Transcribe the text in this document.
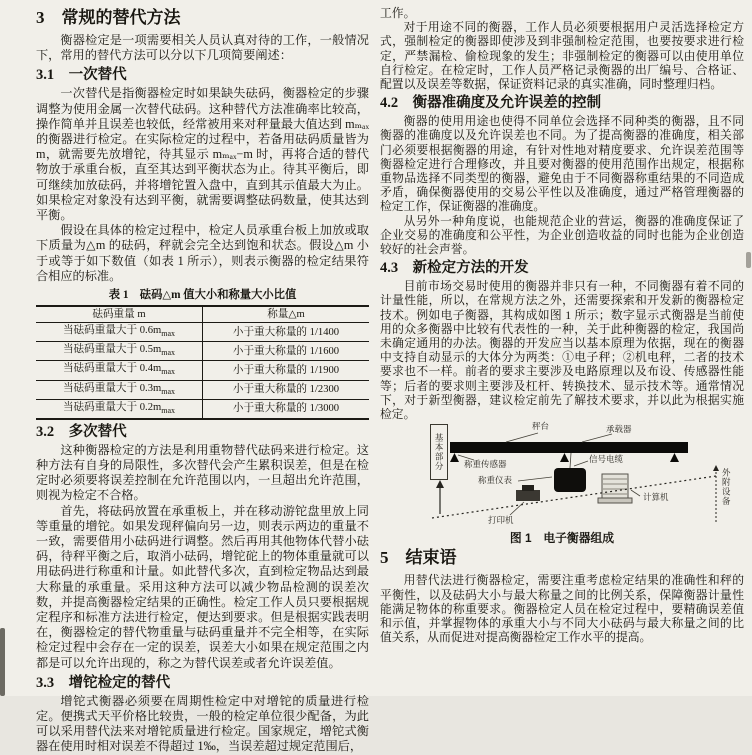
3　常规的替代方法

衡器检定是一项需要相关人员认真对待的工作，一般情况下，常用的替代方法可以分以下几项简要阐述：

3.1　一次替代

一次替代是指衡器检定时如果缺失砝码，衡器检定的步骤调整为使用金属一次替代砝码。这种替代方法准确率比较高，操作简单并且误差也较低，经常被用来对秤量最大值达到 mₘₐₓ 的衡器进行检定。在实际检定的过程中，若备用砝码质量皆为 m，就需要先放增铊，待其显示 mₘₐₓ−m 时，再将合适的替代物放于承重台板，直至其达到平衡状态为止。待其平衡后，即可继续加放砝码，并将增铊置入盘中，直到其示值最大为止。如果检定对象没有达到平衡，就需要调整砝码数量，使其达到平衡。

假设在具体的检定过程中，检定人员承重台板上加放或取下质量为△m 的砝码，秤就会完全达到饱和状态。假设△m 小于或等于如下数值（如表 1 所示），则表示衡器的检定结果符合相应的标准。

表 1　砝码△m 值大小和称量大小比值
砝码重量 m	称量△m
当砝码重量大于 $0.6m_{max}$	小于重大称量的 1/1400
当砝码重量大于 $0.5m_{max}$	小于重大称量的 1/1600
当砝码重量大于 $0.4m_{max}$	小于重大称量的 1/1900
当砝码重量大于 $0.3m_{max}$	小于重大称量的 1/2300
当砝码重量大于 $0.2m_{max}$	小于重大称量的 1/3000
3.2　多次替代

这种衡器检定的方法是利用重物替代砝码来进行检定。这种方法有自身的局限性，多次替代会产生累积误差，但是在检定时必须要将误差控制在允许范围以内，一旦超出允许范围，则视为检定不合格。

首先，将砝码放置在承重板上，并在移动游铊盘里放上同等重量的增铊。如果发现秤偏向另一边，则表示两边的重量不一致，需要借用小砝码进行调整。然后再用其他物体代替小砝码，待秤平衡之后，取消小砝码，增铊砣上的物体重量就可以用砝码进行称重和计量。如此替代多次，直到检定物品达到最大称量的承重量。采用这种方法可以减少物品检测的误差次数，并提高衡器检定结果的正确性。检定工作人员只要根据规定程序和标准方法进行检定，便达到要求。但是根据实践表明在，衡器检定的替代物重量与砝码重量并不完全相等，在实际检定过程中会存在一定的误差，误差大小如果在规定范围之内都是可以允许出现的，称之为替代误差或者允许误差值。

3.3　增铊检定的替代

增铊式衡器必须要在周期性检定中对增铊的质量进行检定。便携式天平价格比较贵，一般的检定单位很少配备，为此可以采用替代法来对增铊质量进行检定。国家规定，增铊式衡器在使用时相对误差不得超过 1‰，当误差超过规定范围后，

工作。

对于用途不同的衡器，工作人员必须要根据用户灵活选择检定方式，强制检定的衡器即使涉及到非强制检定范围，也要按要求进行检定，严禁漏检、偷检现象的发生；非强制检定的衡器可以由使用单位自行检定。在检定时，工作人员严格记录衡器的出厂编号、合格证、配置以及误差等数据，保证资料记录的真实准确，同时整理归档。

4.2　衡器准确度及允许误差的控制

衡器的使用用途也使得不同单位会选择不同种类的衡器，且不同衡器的准确度以及允许误差也不同。为了提高衡器的准确度，相关部门必须要根据衡器的用途，有针对性地对精度要求、允许误差范围等衡器检定进行合理修改，并且要对衡器的使用范围作出规定，根据称重物品选择不同类型的衡器，避免由于不同衡器称重结果的不同造成矛盾，确保衡器使用的交易公平性以及准确度，通过严格管理衡器的检定工作，保证衡器的准确度。

从另外一种角度说，也能规范企业的营运，衡器的准确度保证了企业交易的准确度和公平性，为企业创造收益的同时也能为企业创造较好的社会声誉。

4.3　新检定方法的开发

目前市场交易时使用的衡器并非只有一种，不同衡器有着不同的计量性能，所以，在常规方法之外，还需要探索和开发新的衡器检定技术。例如电子衡器，其构成如图 1 所示；数字显示式衡器是当前使用的众多衡器中比较有代表性的一种，关于此种衡器的检定，我国尚未确定通用的办法。衡器的开发应当以基本原理为依据，现在的衡器中支持自动显示的大体分为两类：①电子秤；②机电秤，二者的技术要求也不一样。前者的要求主要涉及电路原理以及布设、传感器性能等；后者的要求则主要涉及杠杆、转换技术、显示技术等。通常情况下，对于新型衡器，建议检定前先了解技术要求，并以此为根据实施检定。

基本部分
秤台	承载器
称重传感器	信号电缆
称重仪表
打印机
计算机	外附设备
图 1　电子衡器组成
5　结束语

用替代法进行衡器检定，需要注重考虑检定结果的准确性和秤的平衡性，以及砝码大小与最大称量之间的比例关系，保障衡器计量性能满足物体的称重要求。衡器检定人员在检定过程中，要精确误差值和示值，并掌握物体的承重大小与不同大小砝码与最大称量之间的比值关系，从而促进对提高衡器检定工作水平的提高。
